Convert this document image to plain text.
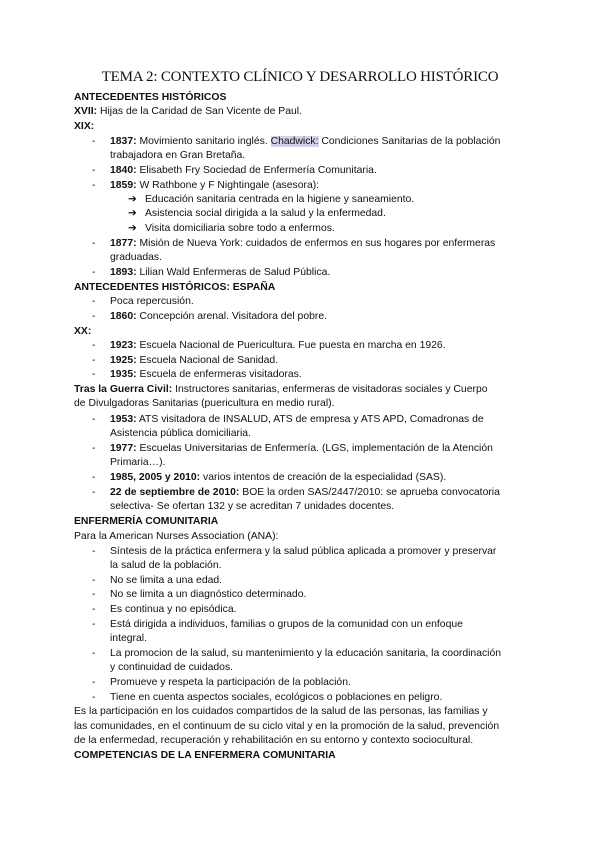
TEMA 2: CONTEXTO CLÍNICO Y DESARROLLO HISTÓRICO
ANTECEDENTES HISTÓRICOS
XVII: Hijas de la Caridad de San Vicente de Paul.
XIX:
- 1837: Movimiento sanitario inglés. Chadwick: Condiciones Sanitarias de la población
trabajadora en Gran Bretaña.
- 1840: Elisabeth Fry Sociedad de Enfermería Comunitaria.
- 1859: W Rathbone y F Nightingale (asesora):
➔ Educación sanitaria centrada en la higiene y saneamiento.
➔ Asistencia social dirigida a la salud y la enfermedad.
➔ Visita domiciliaria sobre todo a enfermos.
- 1877: Misión de Nueva York: cuidados de enfermos en sus hogares por enfermeras
graduadas.
- 1893: Lilian Wald Enfermeras de Salud Pública.
ANTECEDENTES HISTÓRICOS: ESPAÑA
- Poca repercusión.
- 1860: Concepción arenal. Visitadora del pobre.
XX:
- 1923: Escuela Nacional de Puericultura. Fue puesta en marcha en 1926.
- 1925: Escuela Nacional de Sanidad.
- 1935: Escuela de enfermeras visitadoras.
Tras la Guerra Civil: Instructores sanitarias, enfermeras de visitadoras sociales y Cuerpo
de Divulgadoras Sanitarias (puericultura en medio rural).
- 1953: ATS visitadora de INSALUD, ATS de empresa y ATS APD, Comadronas de
Asistencia pública domiciliaria.
- 1977: Escuelas Universitarias de Enfermería. (LGS, implementación de la Atención
Primaria…).
- 1985, 2005 y 2010: varios intentos de creación de la especialidad (SAS).
- 22 de septiembre de 2010: BOE la orden SAS/2447/2010: se aprueba convocatoria
selectiva- Se ofertan 132 y se acreditan 7 unidades docentes.
ENFERMERÍA COMUNITARIA
Para la American Nurses Association (ANA):
- Síntesis de la práctica enfermera y la salud pública aplicada a promover y preservar
la salud de la población.
- No se limita a una edad.
- No se limita a un diagnóstico determinado.
- Es continua y no episódica.
- Está dirigida a individuos, familias o grupos de la comunidad con un enfoque
integral.
- La promocion de la salud, su mantenimiento y la educación sanitaria, la coordinación
y continuidad de cuidados.
- Promueve y respeta la participación de la población.
- Tiene en cuenta aspectos sociales, ecológicos o poblaciones en peligro.
Es la participación en los cuidados compartidos de la salud de las personas, las familias y
las comunidades, en el continuum de su ciclo vital y en la promoción de la salud, prevención
de la enfermedad, recuperación y rehabilitación en su entorno y contexto sociocultural.
COMPETENCIAS DE LA ENFERMERA COMUNITARIA
